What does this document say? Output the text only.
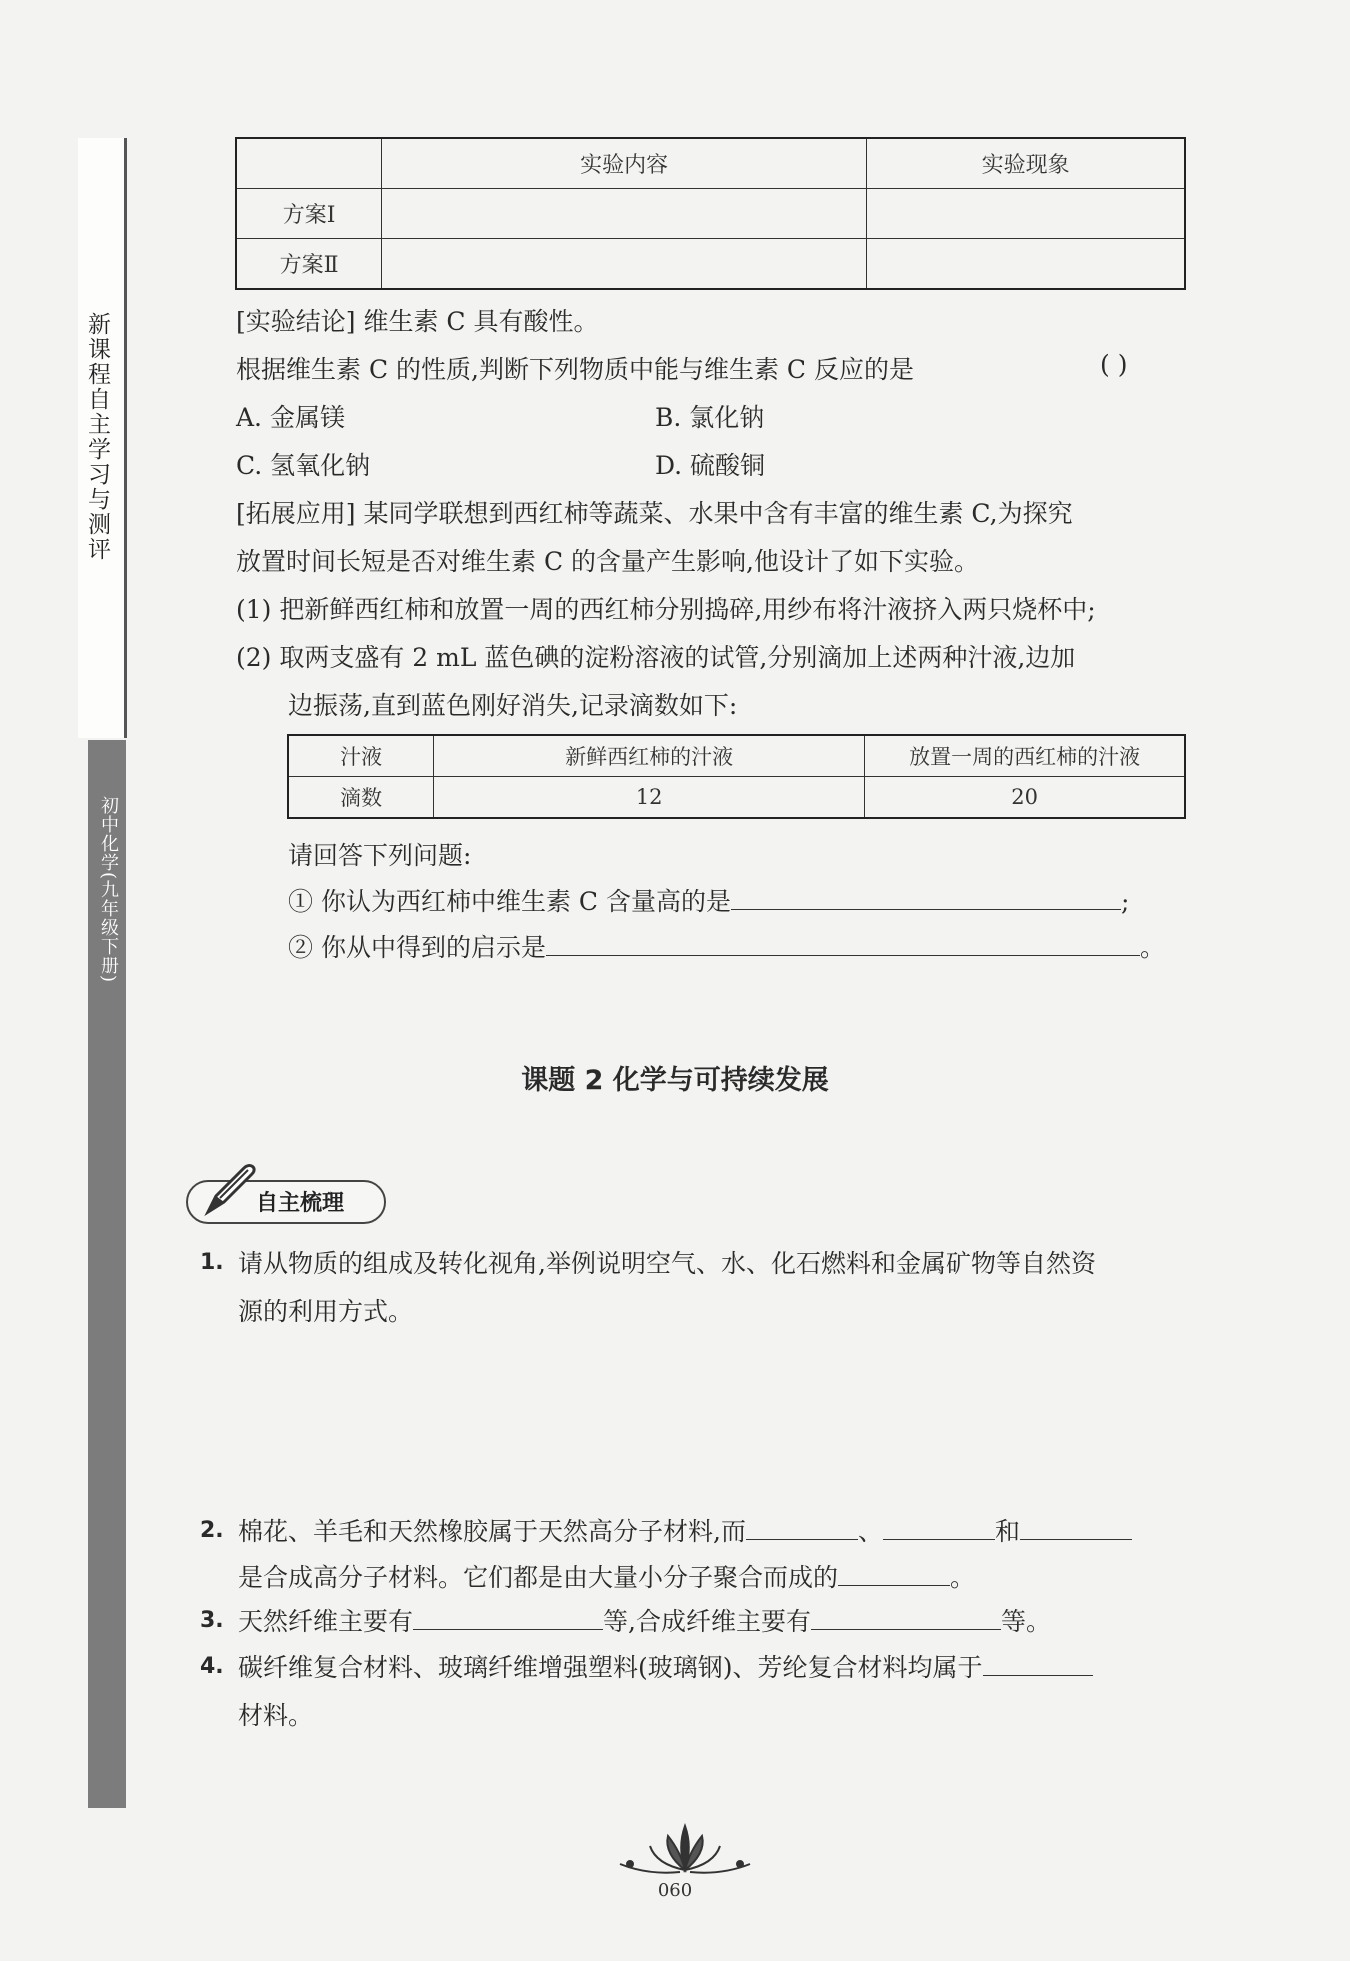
新课程自主学习与测评
初中化学(九年级下册)
	实验内容	实验现象
方案Ⅰ		
方案Ⅱ		
[实验结论] 维生素 C 具有酸性。
根据维生素 C 的性质,判断下列物质中能与维生素 C 反应的是	( )
A. 金属镁	B. 氯化钠
C. 氢氧化钠	D. 硫酸铜
[拓展应用] 某同学联想到西红柿等蔬菜、水果中含有丰富的维生素 C,为探究
放置时间长短是否对维生素 C 的含量产生影响,他设计了如下实验。
(1) 把新鲜西红柿和放置一周的西红柿分别捣碎,用纱布将汁液挤入两只烧杯中;
(2) 取两支盛有 2 mL 蓝色碘的淀粉溶液的试管,分别滴加上述两种汁液,边加
边振荡,直到蓝色刚好消失,记录滴数如下:
汁液	新鲜西红柿的汁液	放置一周的西红柿的汁液
滴数	12	20
请回答下列问题:
① 你认为西红柿中维生素 C 含量高的是	;
② 你从中得到的启示是	。
课题 2 化学与可持续发展
自主梳理
1. 请从物质的组成及转化视角,举例说明空气、水、化石燃料和金属矿物等自然资
源的利用方式。
2. 棉花、羊毛和天然橡胶属于天然高分子材料,而	、	和
是合成高分子材料。它们都是由大量小分子聚合而成的	。
3. 天然纤维主要有	等,合成纤维主要有	等。
4. 碳纤维复合材料、玻璃纤维增强塑料(玻璃钢)、芳纶复合材料均属于
材料。
060
